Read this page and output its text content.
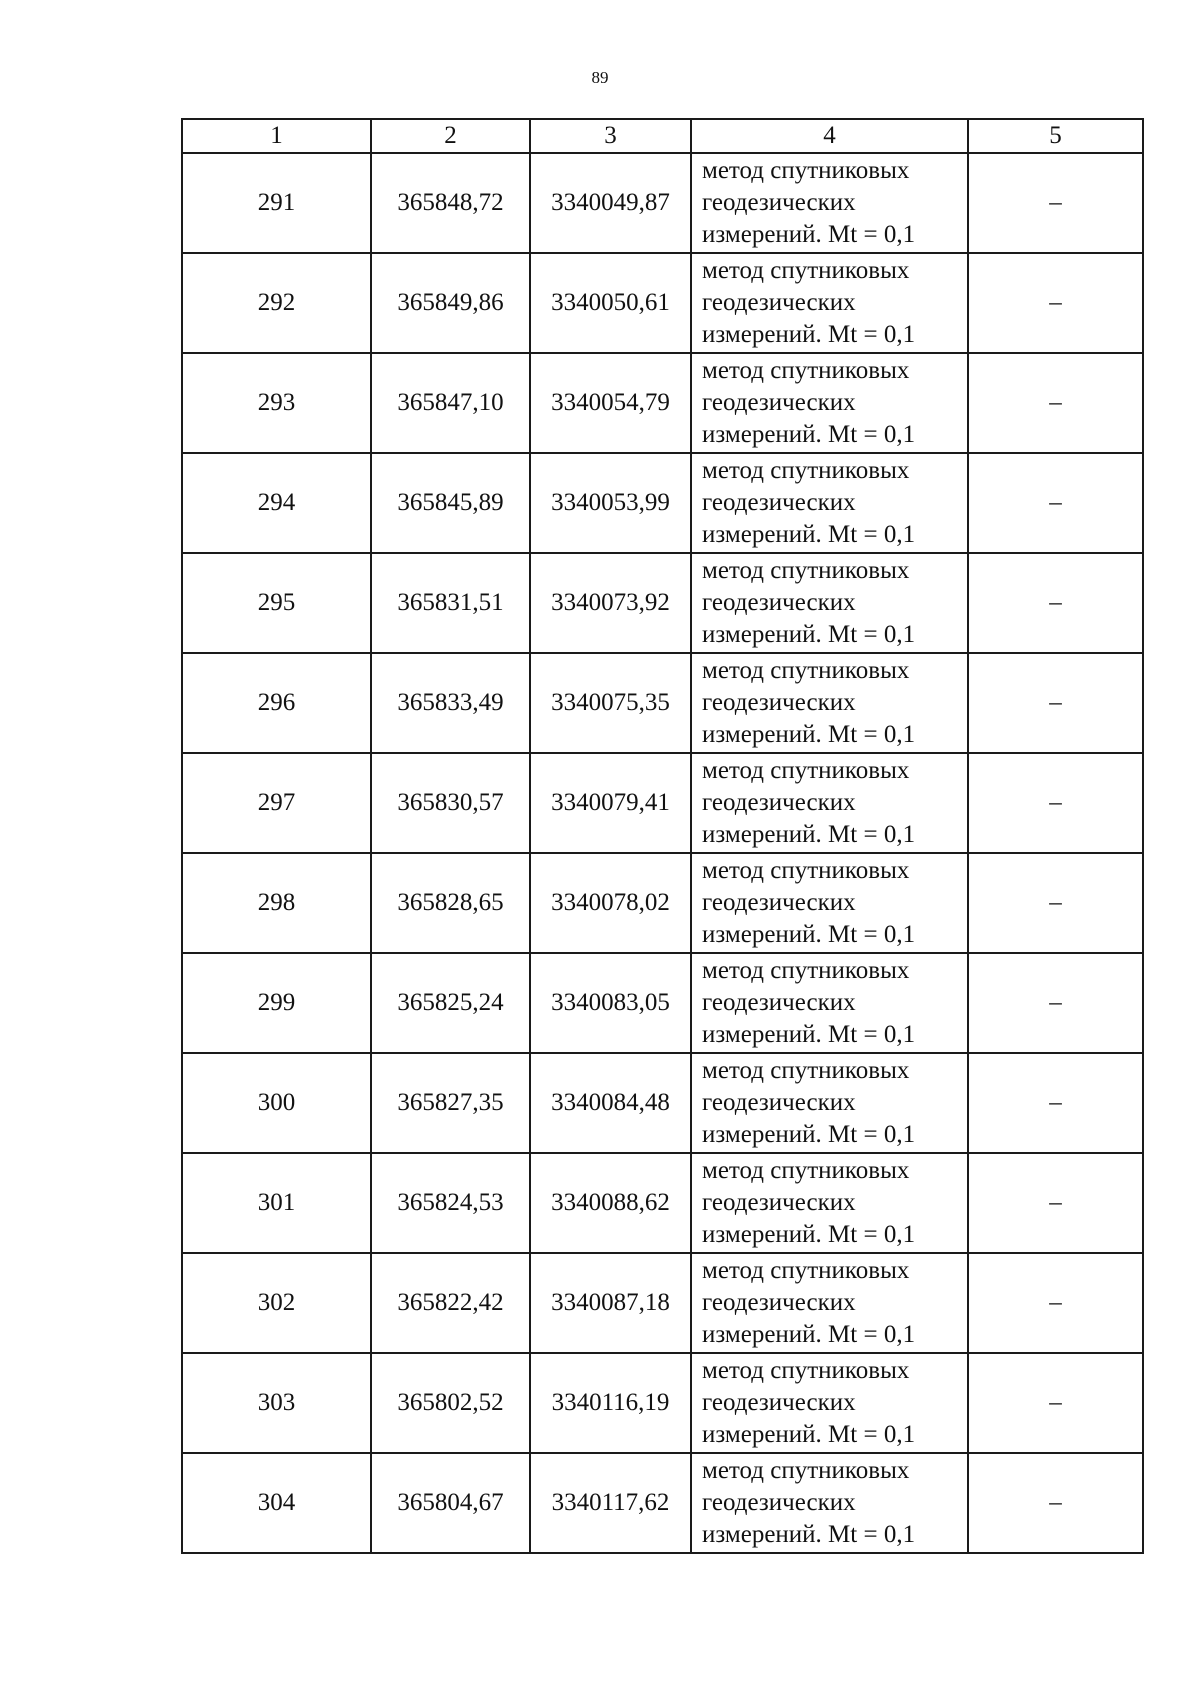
89
1	2	3	4	5
291	365848,72	3340049,87	метод спутниковых
геодезических
измерений. Mt = 0,1	–
292	365849,86	3340050,61	метод спутниковых
геодезических
измерений. Mt = 0,1	–
293	365847,10	3340054,79	метод спутниковых
геодезических
измерений. Mt = 0,1	–
294	365845,89	3340053,99	метод спутниковых
геодезических
измерений. Mt = 0,1	–
295	365831,51	3340073,92	метод спутниковых
геодезических
измерений. Mt = 0,1	–
296	365833,49	3340075,35	метод спутниковых
геодезических
измерений. Mt = 0,1	–
297	365830,57	3340079,41	метод спутниковых
геодезических
измерений. Mt = 0,1	–
298	365828,65	3340078,02	метод спутниковых
геодезических
измерений. Mt = 0,1	–
299	365825,24	3340083,05	метод спутниковых
геодезических
измерений. Mt = 0,1	–
300	365827,35	3340084,48	метод спутниковых
геодезических
измерений. Mt = 0,1	–
301	365824,53	3340088,62	метод спутниковых
геодезических
измерений. Mt = 0,1	–
302	365822,42	3340087,18	метод спутниковых
геодезических
измерений. Mt = 0,1	–
303	365802,52	3340116,19	метод спутниковых
геодезических
измерений. Mt = 0,1	–
304	365804,67	3340117,62	метод спутниковых
геодезических
измерений. Mt = 0,1	–
